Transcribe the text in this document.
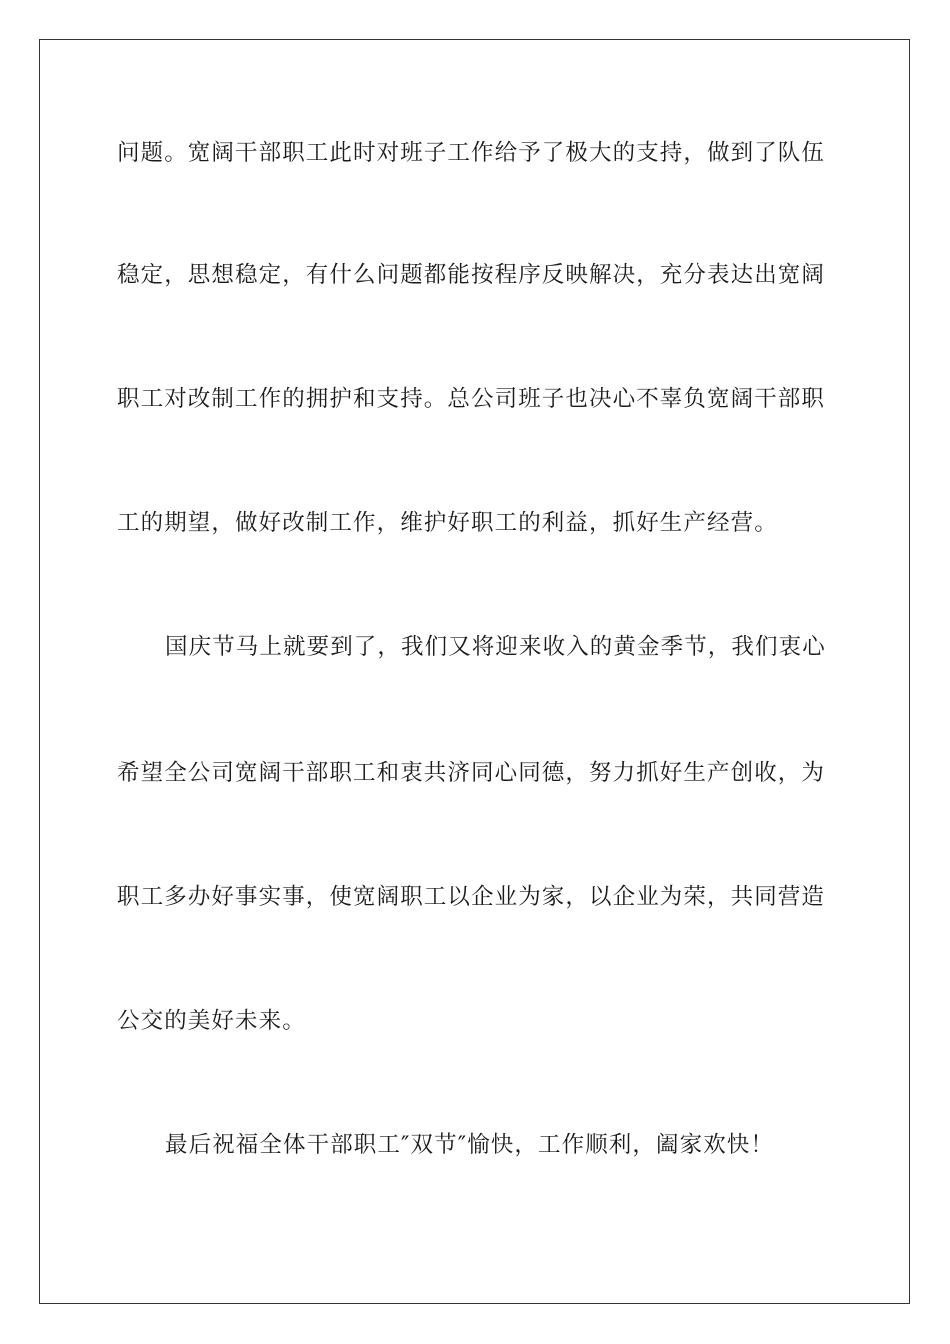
问题。宽阔干部职工此时对班子工作给予了极大的支持，做到了队伍
稳定，思想稳定，有什么问题都能按程序反映解决，充分表达出宽阔
职工对改制工作的拥护和支持。总公司班子也决心不辜负宽阔干部职
工的期望，做好改制工作，维护好职工的利益，抓好生产经营。
国庆节马上就要到了，我们又将迎来收入的黄金季节，我们衷心
希望全公司宽阔干部职工和衷共济同心同德，努力抓好生产创收，为
职工多办好事实事，使宽阔职工以企业为家，以企业为荣，共同营造
公交的美好未来。
最后祝福全体干部职工″双节″愉快，工作顺利，阖家欢快！
